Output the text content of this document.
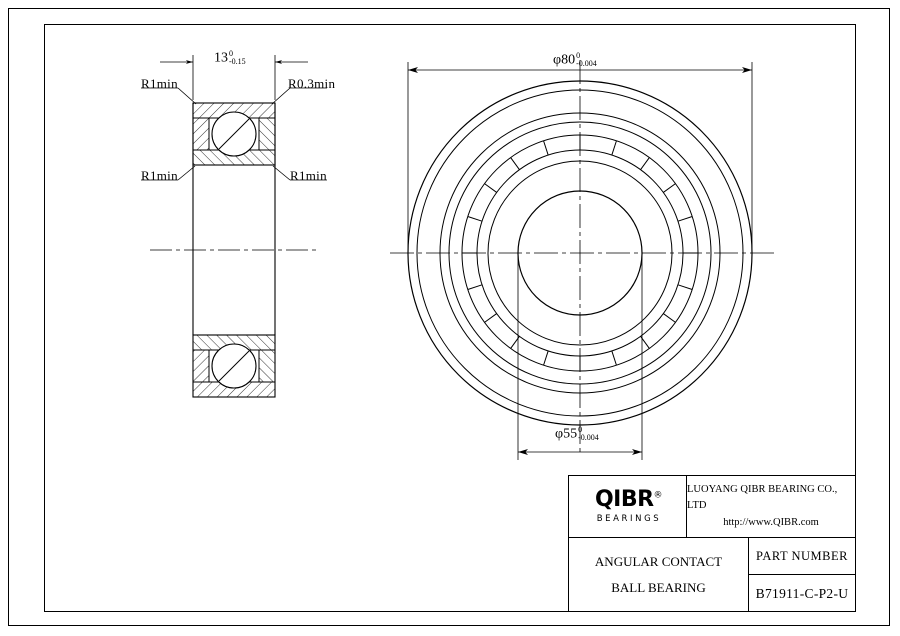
R1min	R0.3min
R1min	R1min
13 0
-0.15	φ80 0
-0.004
φ55 0
-0.004
QIBR®
BEARINGS
LUOYANG QIBR BEARING CO., LTD
http://www.QIBR.com
ANGULAR CONTACT
BALL BEARING
PART NUMBER
B71911-C-P2-U
